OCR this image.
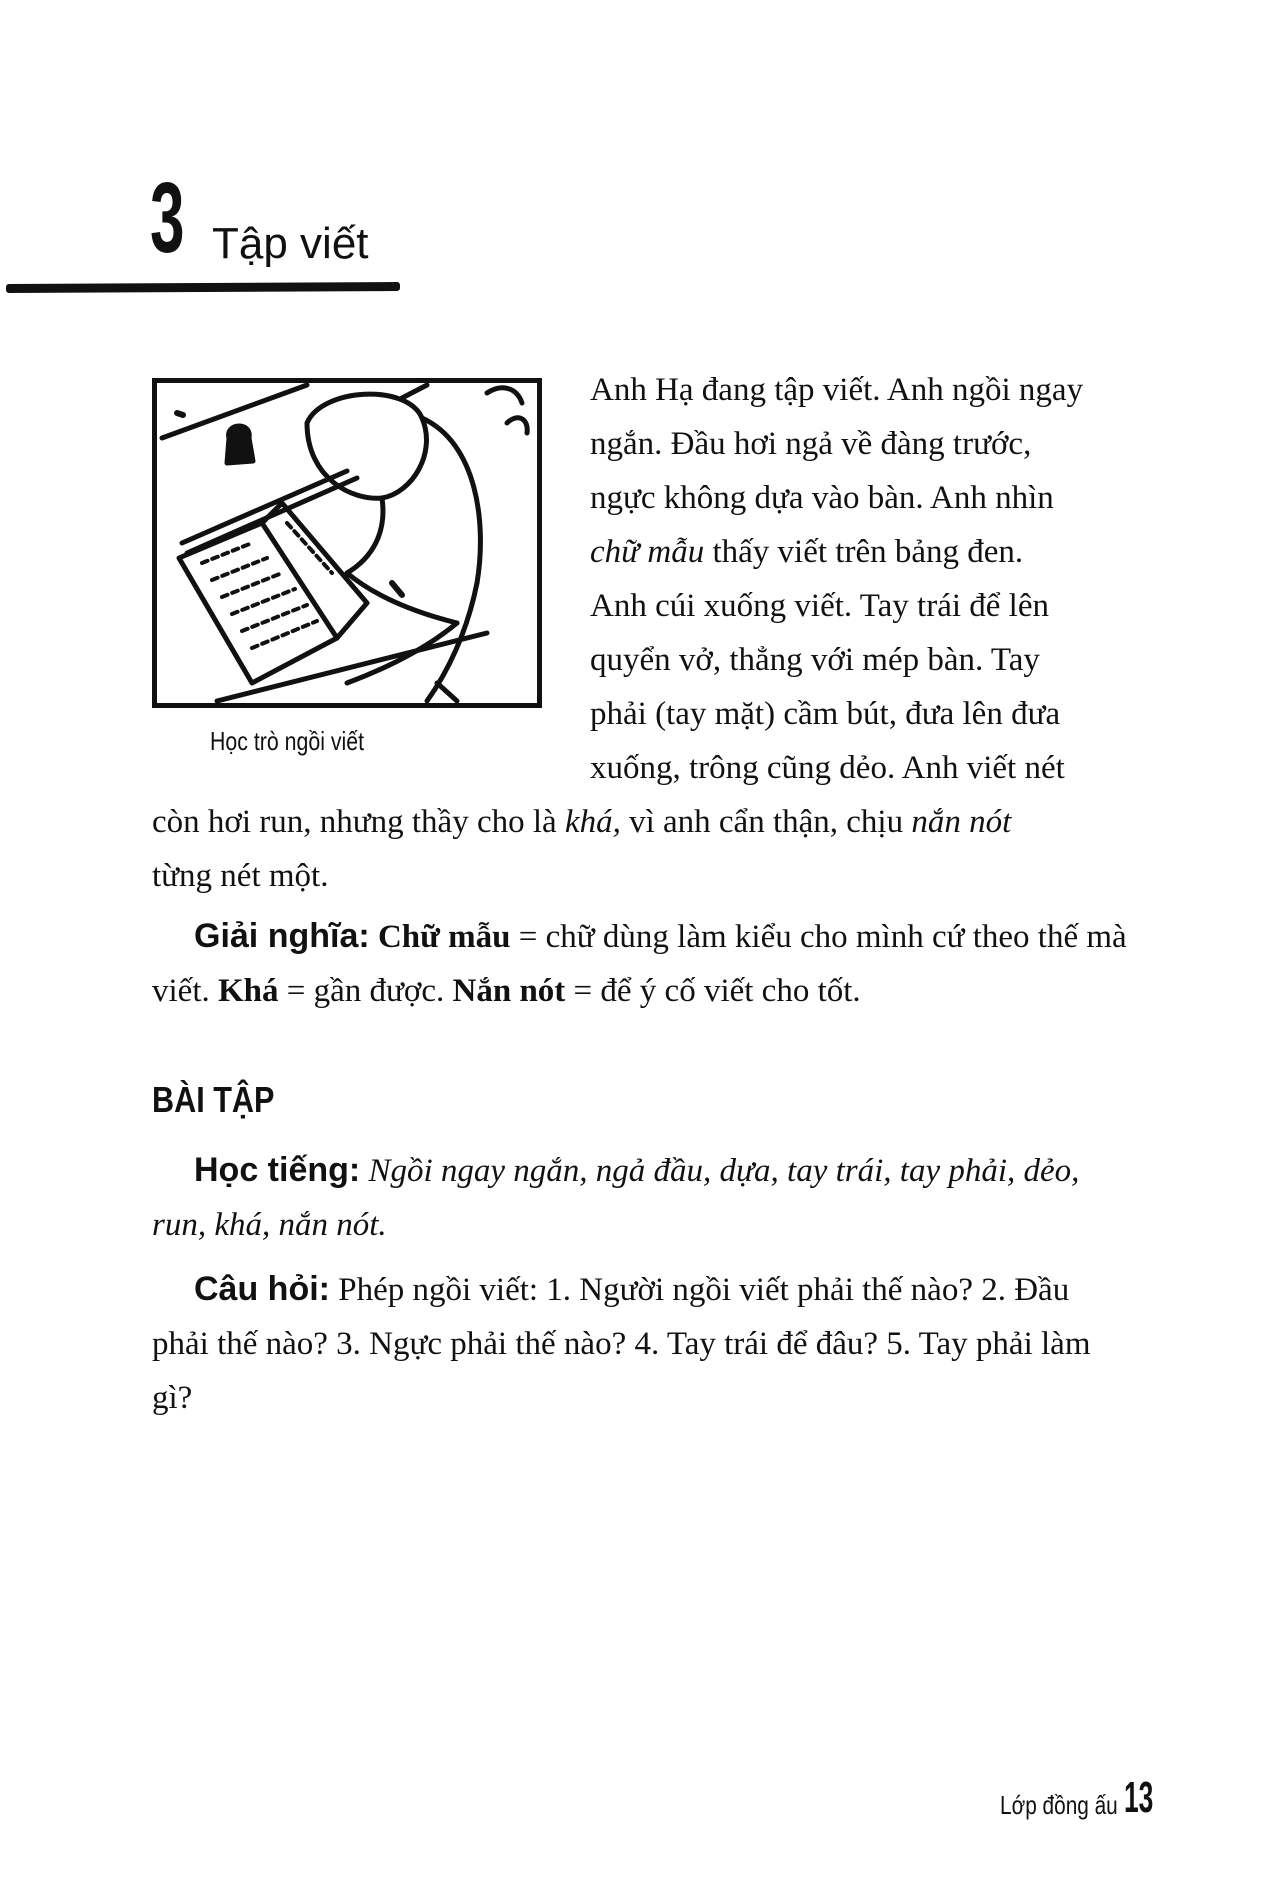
3 Tập viết
Học trò ngồi viết

Anh Hạ đang tập viết. Anh ngồi ngay

ngắn. Đầu hơi ngả về đàng trước,

ngực không dựa vào bàn. Anh nhìn

chữ mẫu thấy viết trên bảng đen.

Anh cúi xuống viết. Tay trái để lên

quyển vở, thẳng với mép bàn. Tay

phải (tay mặt) cầm bút, đưa lên đưa

xuống, trông cũng dẻo. Anh viết nét

còn hơi run, nhưng thầy cho là khá, vì anh cẩn thận, chịu nắn nót
từng nét một.

Giải nghĩa: Chữ mẫu = chữ dùng làm kiểu cho mình cứ theo thế mà viết. Khá = gần được. Nắn nót = để ý cố viết cho tốt.

BÀI TẬP

Học tiếng: Ngồi ngay ngắn, ngả đầu, dựa, tay trái, tay phải, dẻo, run, khá, nắn nót.

Câu hỏi: Phép ngồi viết: 1. Người ngồi viết phải thế nào? 2. Đầu phải thế nào? 3. Ngực phải thế nào? 4. Tay trái để đâu? 5. Tay phải làm gì?

Lớp đồng ấu 13
